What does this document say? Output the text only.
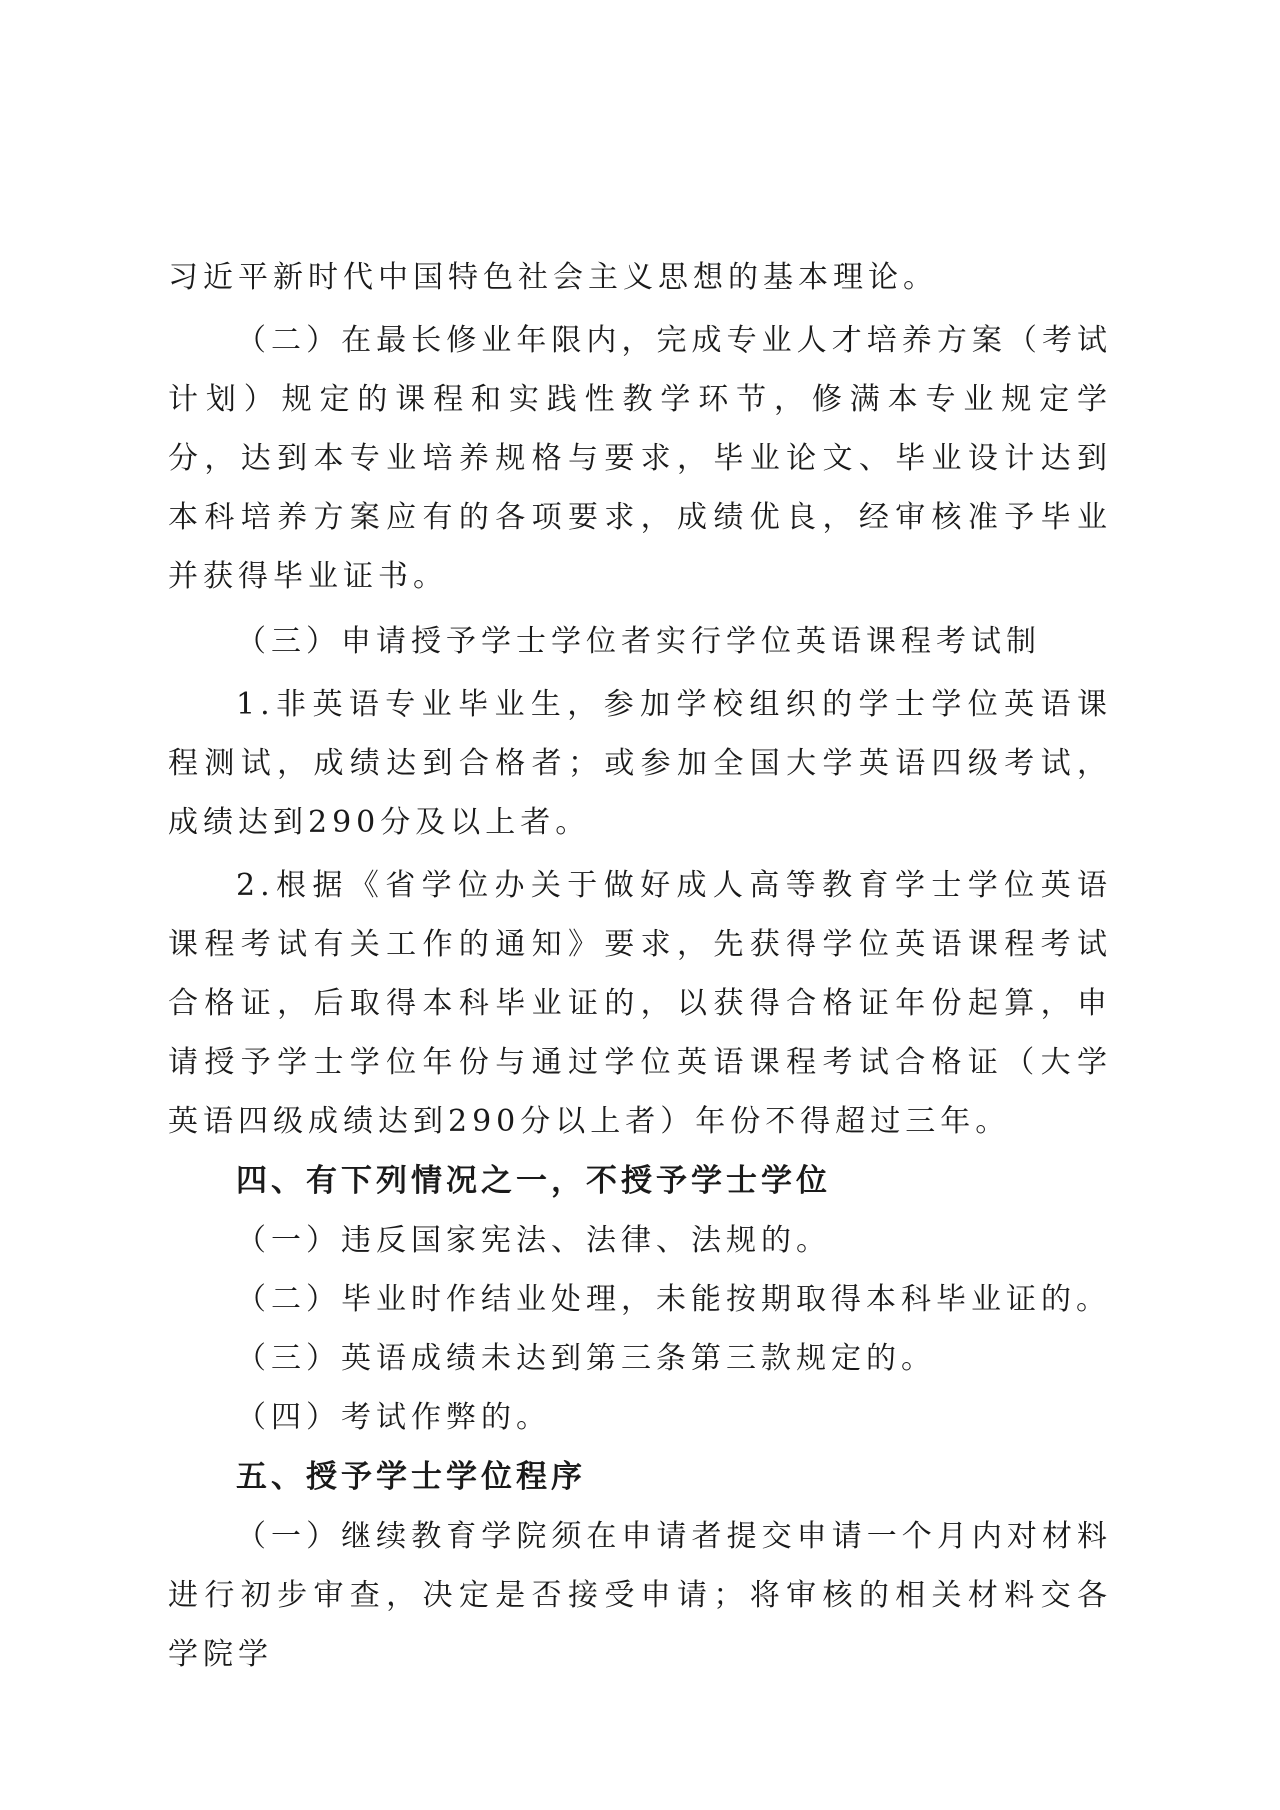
习近平新时代中国特色社会主义思想的基本理论。

（二）在最长修业年限内，完成专业人才培养方案（考试计划）规定的课程和实践性教学环节，修满本专业规定学分，达到本专业培养规格与要求，毕业论文、毕业设计达到本科培养方案应有的各项要求，成绩优良，经审核准予毕业并获得毕业证书。

（三）申请授予学士学位者实行学位英语课程考试制

1.非英语专业毕业生，参加学校组织的学士学位英语课程测试，成绩达到合格者；或参加全国大学英语四级考试，成绩达到290分及以上者。

2.根据《省学位办关于做好成人高等教育学士学位英语课程考试有关工作的通知》要求，先获得学位英语课程考试合格证，后取得本科毕业证的，以获得合格证年份起算，申请授予学士学位年份与通过学位英语课程考试合格证（大学英语四级成绩达到290分以上者）年份不得超过三年。

四、有下列情况之一，不授予学士学位

（一）违反国家宪法、法律、法规的。

（二）毕业时作结业处理，未能按期取得本科毕业证的。

（三）英语成绩未达到第三条第三款规定的。

（四）考试作弊的。

五、授予学士学位程序

（一）继续教育学院须在申请者提交申请一个月内对材料进行初步审查，决定是否接受申请；将审核的相关材料交各学院学
